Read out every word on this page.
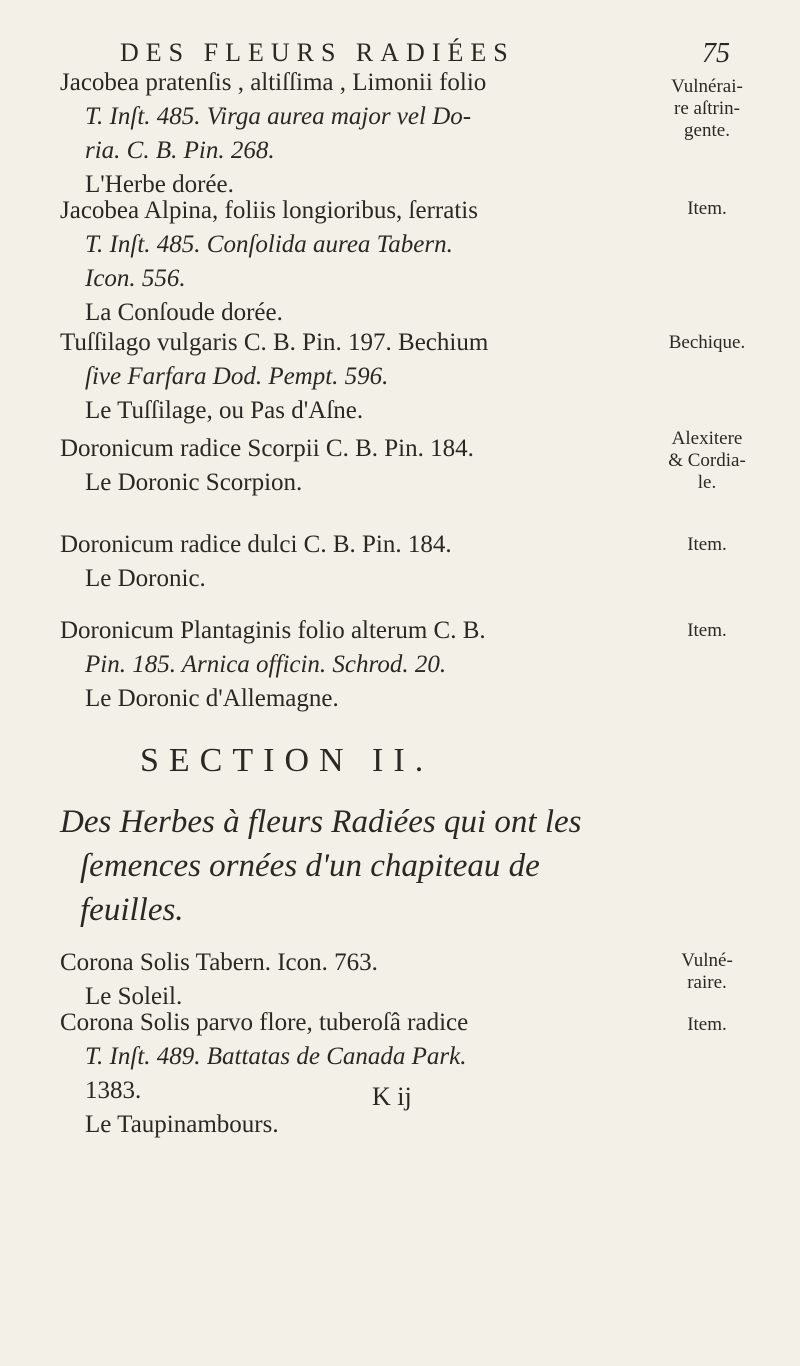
DES FLEURS RADIÉES	75
Jacobea pratenſis , altiſſima , Limonii folio
T. Inſt. 485. Virga aurea major vel Do-
ria. C. B. Pin. 268.
L'Herbe dorée.
Vulnérai-
re aſtrin-
gente.
Jacobea Alpina, foliis longioribus, ſerratis
T. Inſt. 485. Conſolida aurea Tabern.
Icon. 556.
La Conſoude dorée.
Item.
Tuſſilago vulgaris C. B. Pin. 197. Bechium
ſive Farfara Dod. Pempt. 596.
Le Tuſſilage, ou Pas d'Aſne.
Bechique.
Doronicum radice Scorpii C. B. Pin. 184.
Le Doronic Scorpion.
Alexitere
& Cordia-
le.
Doronicum radice dulci C. B. Pin. 184.
Le Doronic.
Item.
Doronicum Plantaginis folio alterum C. B.
Pin. 185. Arnica officin. Schrod. 20.
Le Doronic d'Allemagne.
Item.
SECTION II.
Des Herbes à fleurs Radiées qui ont les
ſemences ornées d'un chapiteau de
feuilles.
Corona Solis Tabern. Icon. 763.
Le Soleil.
Vulné-
raire.
Corona Solis parvo flore, tuberoſâ radice
T. Inſt. 489. Battatas de Canada Park.
1383.
Le Taupinambours.
Item.
K ij
